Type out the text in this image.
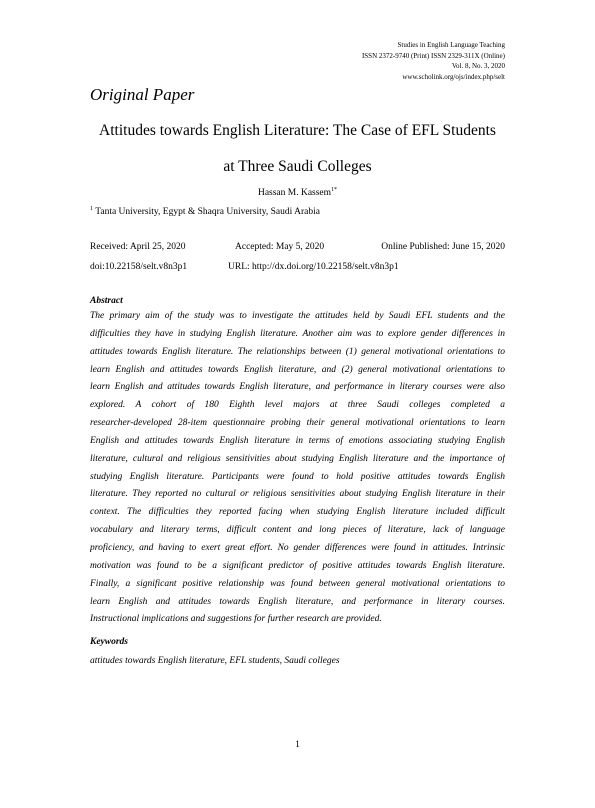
Studies in English Language Teaching
ISSN 2372-9740 (Print) ISSN 2329-311X (Online)
Vol. 8, No. 3, 2020
www.scholink.org/ojs/index.php/selt
Original Paper
Attitudes towards English Literature: The Case of EFL Students
at Three Saudi Colleges
Hassan M. Kassem$^{1*}$
$^1$ Tanta University, Egypt & Shaqra University, Saudi Arabia
Received: April 25, 2020	Accepted: May 5, 2020	Online Published: June 15, 2020
doi:10.22158/selt.v8n3p1	URL: http://dx.doi.org/10.22158/selt.v8n3p1
Abstract
The primary aim of the study was to investigate the attitudes held by Saudi EFL students and the
difficulties they have in studying English literature. Another aim was to explore gender differences in
attitudes towards English literature. The relationships between (1) general motivational orientations to
learn English and attitudes towards English literature, and (2) general motivational orientations to
learn English and attitudes towards English literature, and performance in literary courses were also
explored. A cohort of 180 Eighth level majors at three Saudi colleges completed a
researcher-developed 28-item questionnaire probing their general motivational orientations to learn
English and attitudes towards English literature in terms of emotions associating studying English
literature, cultural and religious sensitivities about studying English literature and the importance of
studying English literature. Participants were found to hold positive attitudes towards English
literature. They reported no cultural or religious sensitivities about studying English literature in their
context. The difficulties they reported facing when studying English literature included difficult
vocabulary and literary terms, difficult content and long pieces of literature, lack of language
proficiency, and having to exert great effort. No gender differences were found in attitudes. Intrinsic
motivation was found to be a significant predictor of positive attitudes towards English literature.
Finally, a significant positive relationship was found between general motivational orientations to
learn English and attitudes towards English literature, and performance in literary courses.
Instructional implications and suggestions for further research are provided.
Keywords
attitudes towards English literature, EFL students, Saudi colleges
1
